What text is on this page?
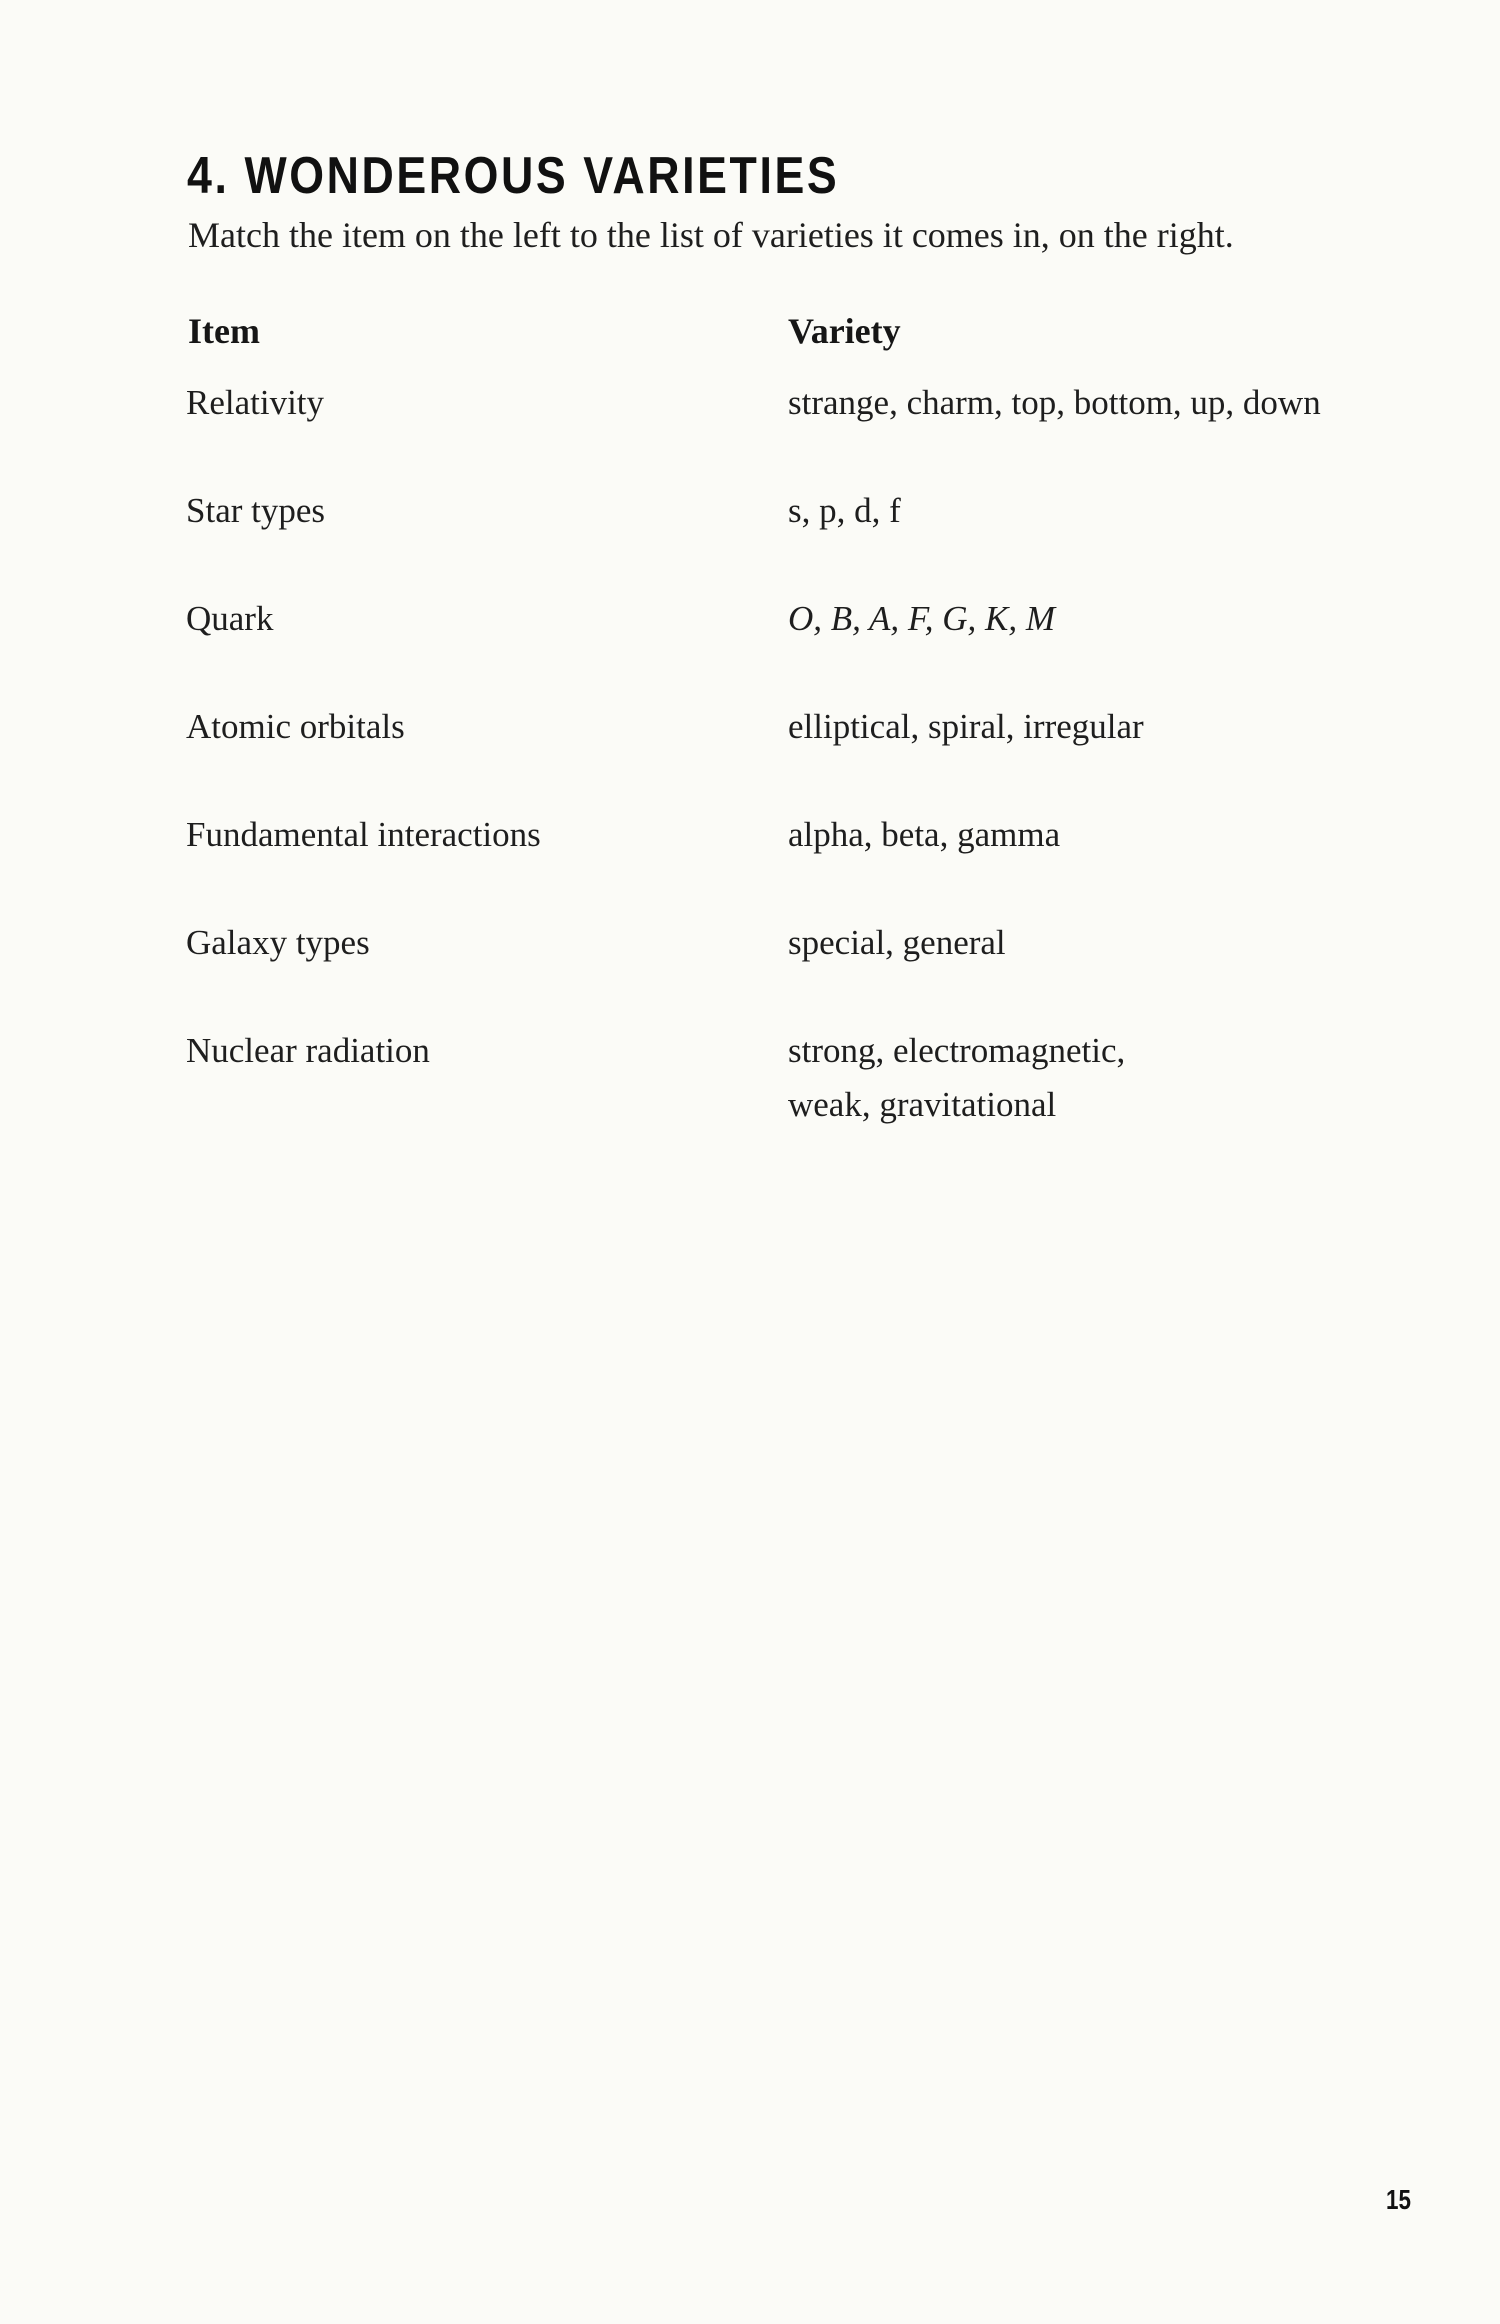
4. WONDEROUS VARIETIES
Match the item on the left to the list of varieties it comes in, on the right.
Item	Variety
Relativity
Star types
Quark
Atomic orbitals
Fundamental interactions
Galaxy types
Nuclear radiation
strange, charm, top, bottom, up, down
s, p, d, f
O, B, A, F, G, K, M
elliptical, spiral, irregular
alpha, beta, gamma
special, general
strong, electromagnetic,
weak, gravitational
15
